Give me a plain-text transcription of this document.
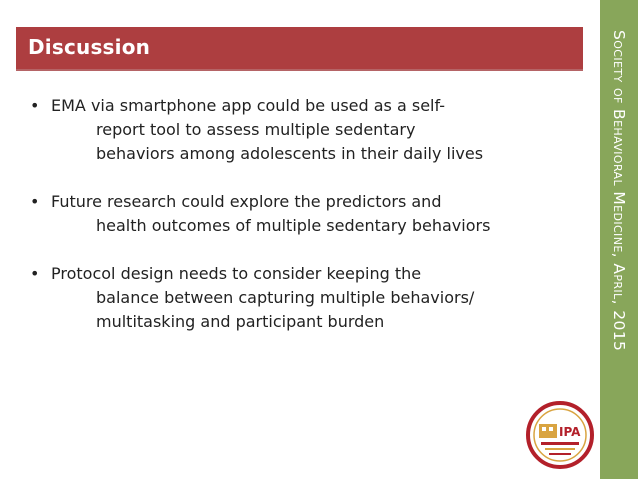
Discussion
• EMA via smartphone app could be used as a self-
report tool to assess multiple sedentary
behaviors among adolescents in their daily lives
• Future research could explore the predictors and
health outcomes of multiple sedentary behaviors
• Protocol design needs to consider keeping the
balance between capturing multiple behaviors/
multitasking and participant burden	Society of Behavioral Medicine, April, 2015
IPA
